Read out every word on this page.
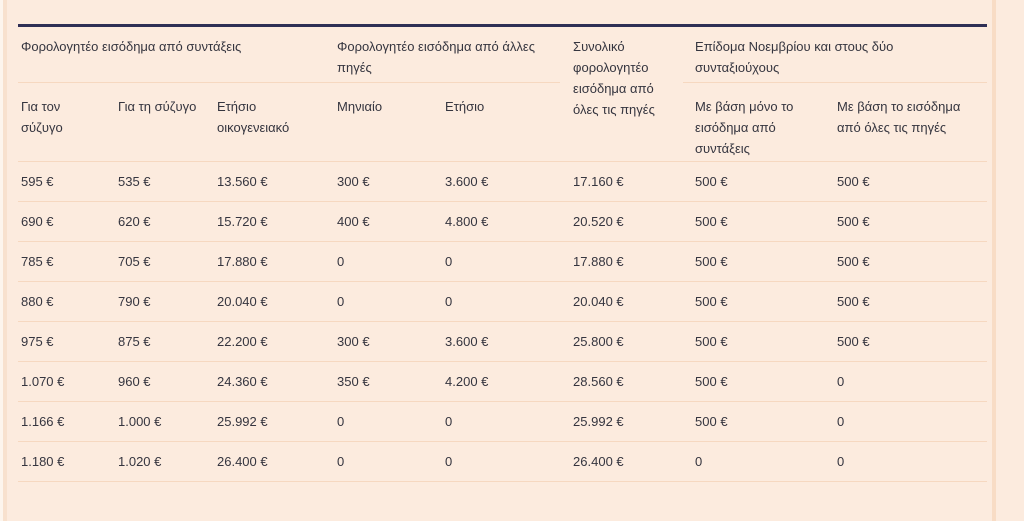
Φορολογητέο εισόδημα από συντάξεις			Φορολογητέο εισόδημα από άλλες πηγές		Συνολικό φορολογητέο εισόδημα από όλες τις πηγές	Επίδομα Νοεμβρίου και στους δύο συνταξιούχους	
Για τον σύζυγο	Για τη σύζυγο	Ετήσιο οικογενειακό	Μηνιαίο	Ετήσιο		Με βάση μόνο το εισόδημα από συντάξεις	Με βάση το εισόδημα από όλες τις πηγές
595 €	535 €	13.560 €	300 €	3.600 €	17.160 €	500 €	500 €
690 €	620 €	15.720 €	400 €	4.800 €	20.520 €	500 €	500 €
785 €	705 €	17.880 €	0	0	17.880 €	500 €	500 €
880 €	790 €	20.040 €	0	0	20.040 €	500 €	500 €
975 €	875 €	22.200 €	300 €	3.600 €	25.800 €	500 €	500 €
1.070 €	960 €	24.360 €	350 €	4.200 €	28.560 €	500 €	0
1.166 €	1.000 €	25.992 €	0	0	25.992 €	500 €	0
1.180 €	1.020 €	26.400 €	0	0	26.400 €	0	0
